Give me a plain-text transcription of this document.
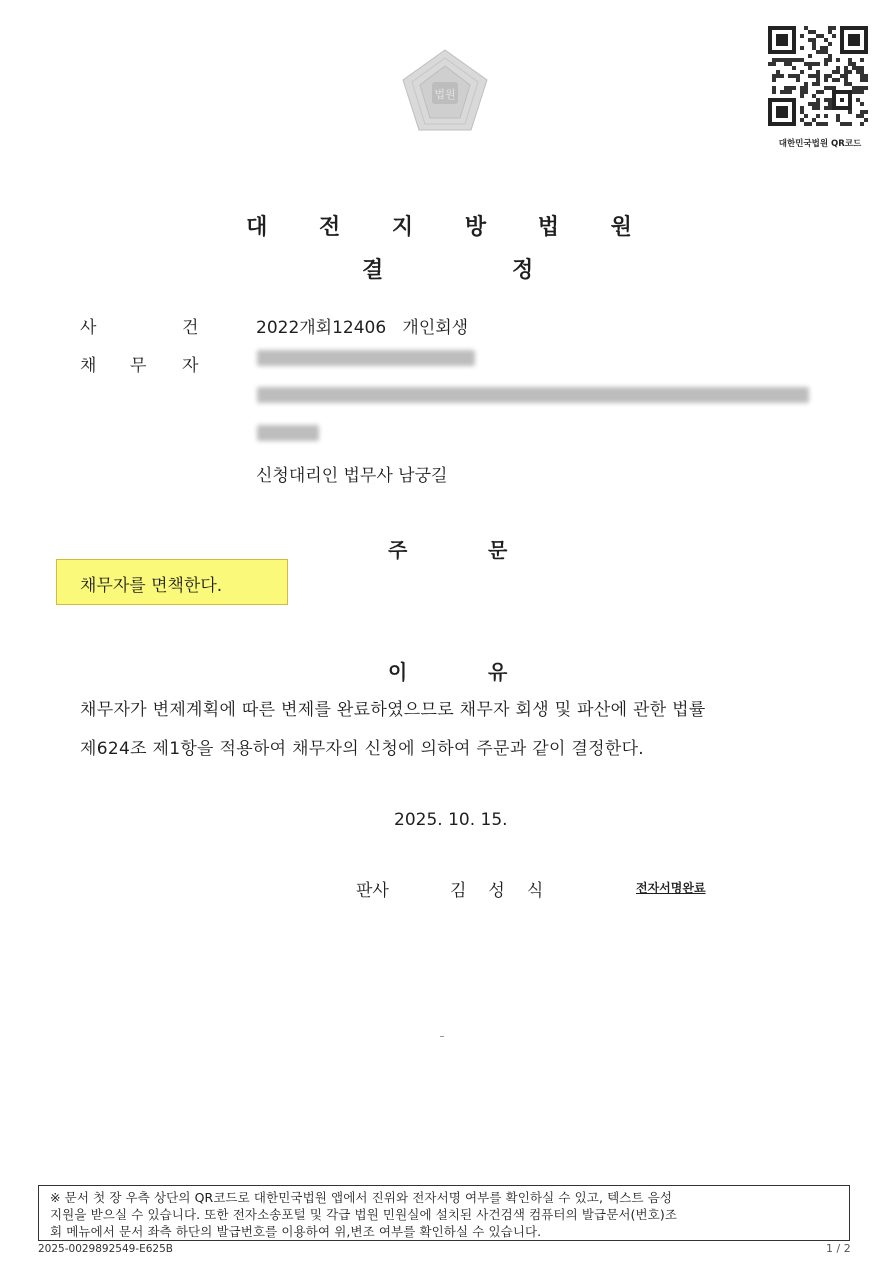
법원
대한민국법원 QR코드
대 전 지 방 법 원
결	정
사	건	2022개회12406   개인회생
채 무 자
신청대리인 법무사 남궁길
주	문
채무자를 면책한다.
이	유
채무자가 변제계획에 따른 변제를 완료하였으므로 채무자 회생 및 파산에 관한 법률
제624조 제1항을 적용하여 채무자의 신청에 의하여 주문과 같이 결정한다.
2025. 10. 15.
판사	김성식	전자서명완료
※ 문서 첫 장 우측 상단의 QR코드로 대한민국법원 앱에서 진위와 전자서명 여부를 확인하실 수 있고, 텍스트 음성
지원을 받으실 수 있습니다. 또한 전자소송포털 및 각급 법원 민원실에 설치된 사건검색 컴퓨터의 발급문서(번호)조
회 메뉴에서 문서 좌측 하단의 발급번호를 이용하여 위,변조 여부를 확인하실 수 있습니다.
2025-0029892549-E625B	1 / 2
